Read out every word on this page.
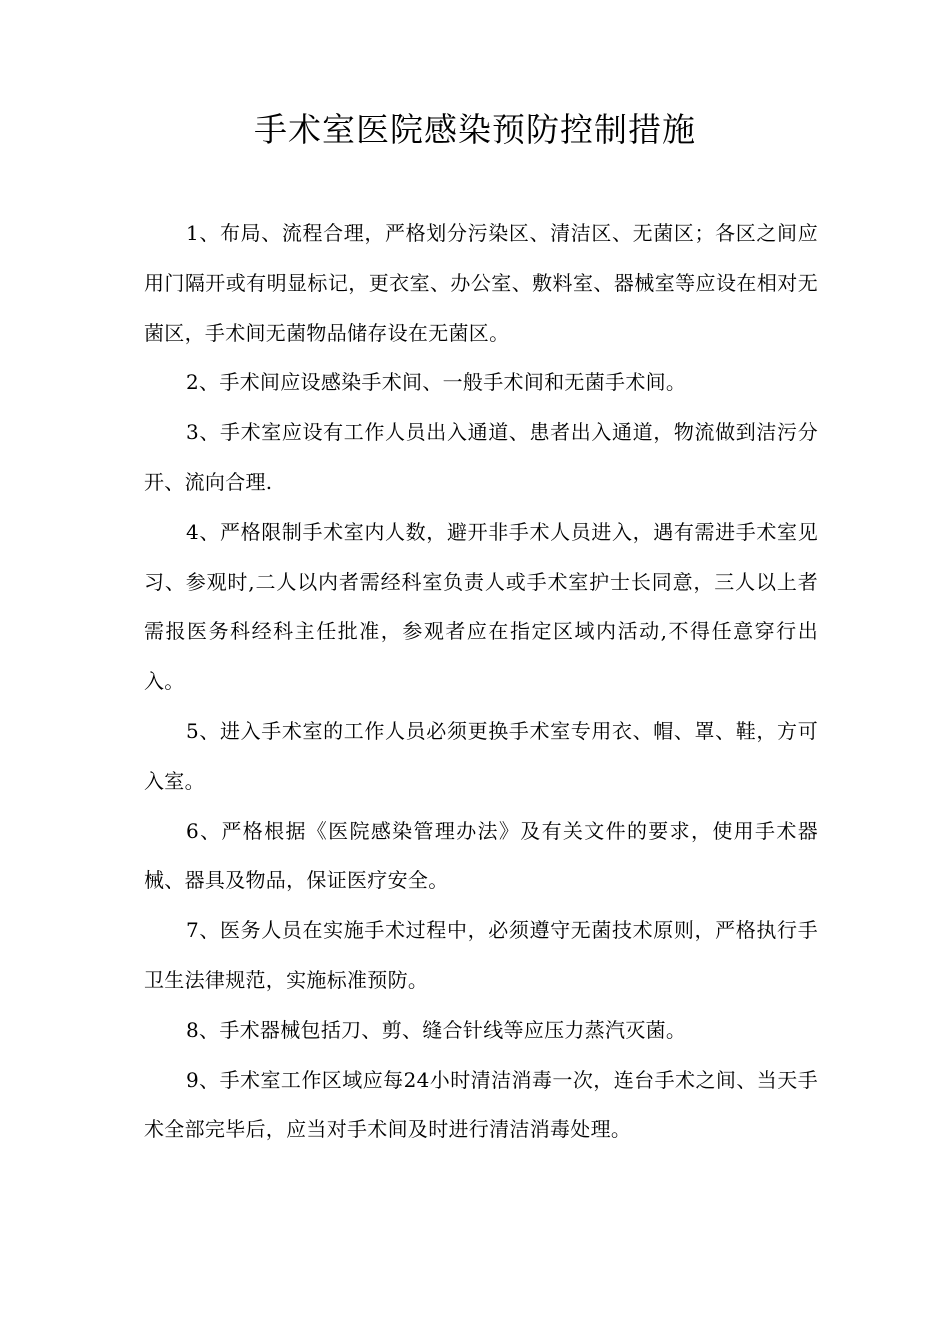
手术室医院感染预防控制措施

1、布局、流程合理，严格划分污染区、清洁区、无菌区；各区之间应用门隔开或有明显标记，更衣室、办公室、敷料室、器械室等应设在相对无菌区，手术间无菌物品储存设在无菌区。

2、手术间应设感染手术间、一般手术间和无菌手术间。

3、手术室应设有工作人员出入通道、患者出入通道，物流做到洁污分开、流向合理.

4、严格限制手术室内人数，避开非手术人员进入，遇有需进手术室见习、参观时,二人以内者需经科室负责人或手术室护士长同意，三人以上者需报医务科经科主任批准，参观者应在指定区域内活动,不得任意穿行出入。

5、进入手术室的工作人员必须更换手术室专用衣、帽、罩、鞋，方可入室。

6、严格根据《医院感染管理办法》及有关文件的要求，使用手术器械、器具及物品，保证医疗安全。

7、医务人员在实施手术过程中，必须遵守无菌技术原则，严格执行手卫生法律规范，实施标准预防。

8、手术器械包括刀、剪、缝合针线等应压力蒸汽灭菌。

9、手术室工作区域应每24小时清洁消毒一次，连台手术之间、当天手术全部完毕后，应当对手术间及时进行清洁消毒处理。
